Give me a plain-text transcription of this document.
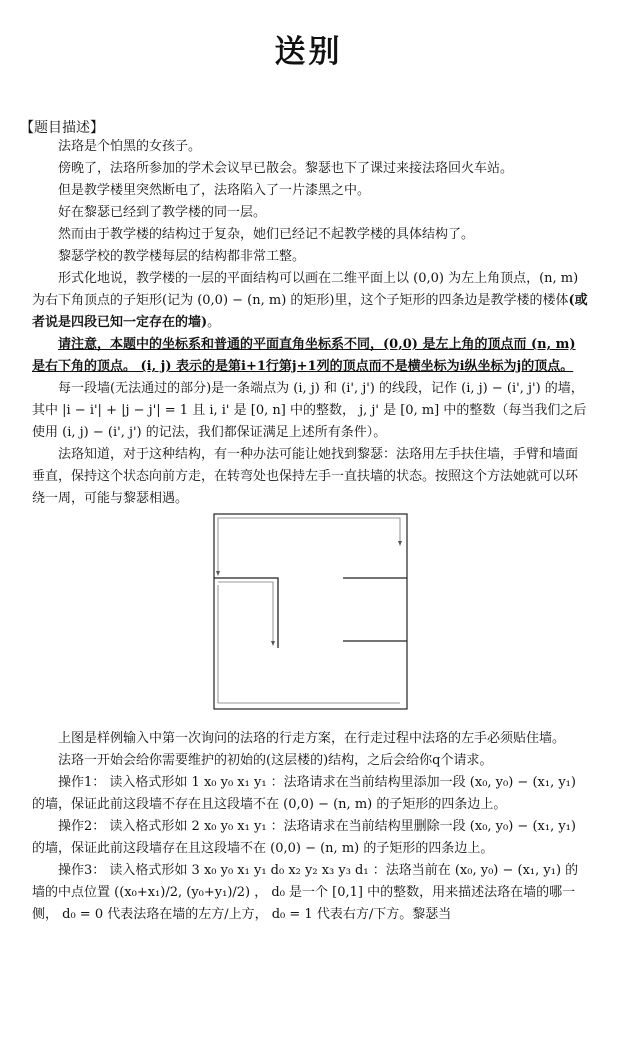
送别
【题目描述】

法珞是个怕黑的女孩子。

傍晚了，法珞所参加的学术会议早已散会。黎瑟也下了课过来接法珞回火车站。

但是教学楼里突然断电了，法珞陷入了一片漆黑之中。

好在黎瑟已经到了教学楼的同一层。

然而由于教学楼的结构过于复杂，她们已经记不起教学楼的具体结构了。

黎瑟学校的教学楼每层的结构都非常工整。

形式化地说，教学楼的一层的平面结构可以画在二维平面上以 (0,0) 为左上角顶点，(n, m) 为右下角顶点的子矩形(记为 (0,0) − (n, m) 的矩形)里，这个子矩形的四条边是教学楼的楼体(或者说是四段已知一定存在的墙)。

请注意，本题中的坐标系和普通的平面直角坐标系不同，(0,0) 是左上角的顶点而 (n, m) 是右下角的顶点。 (i, j) 表示的是第i+1行第j+1列的顶点而不是横坐标为i纵坐标为j的顶点。

每一段墙(无法通过的部分)是一条端点为 (i, j) 和 (i', j') 的线段，记作 (i, j) − (i', j') 的墙，其中 |i − i'| + |j − j'| = 1 且 i, i' 是 [0, n] 中的整数， j, j' 是 [0, m] 中的整数（每当我们之后使用 (i, j) − (i', j') 的记法，我们都保证满足上述所有条件）。

法珞知道，对于这种结构，有一种办法可能让她找到黎瑟：法珞用左手扶住墙，手臂和墙面垂直，保持这个状态向前方走，在转弯处也保持左手一直扶墙的状态。按照这个方法她就可以环绕一周，可能与黎瑟相遇。

上图是样例输入中第一次询问的法珞的行走方案，在行走过程中法珞的左手必须贴住墙。

法珞一开始会给你需要维护的初始的(这层楼的)结构，之后会给你q个请求。

操作1： 读入格式形如 1 x₀ y₀ x₁ y₁ ：法珞请求在当前结构里添加一段 (x₀, y₀) − (x₁, y₁) 的墙，保证此前这段墙不存在且这段墙不在 (0,0) − (n, m) 的子矩形的四条边上。

操作2： 读入格式形如 2 x₀ y₀ x₁ y₁ ：法珞请求在当前结构里删除一段 (x₀, y₀) − (x₁, y₁) 的墙，保证此前这段墙存在且这段墙不在 (0,0) − (n, m) 的子矩形的四条边上。

操作3： 读入格式形如 3 x₀ y₀ x₁ y₁ d₀ x₂ y₂ x₃ y₃ d₁ ：法珞当前在 (x₀, y₀) − (x₁, y₁) 的墙的中点位置 ((x₀+x₁)/2, (y₀+y₁)/2) ， d₀ 是一个 [0,1] 中的整数，用来描述法珞在墙的哪一侧， d₀ = 0 代表法珞在墙的左方/上方， d₀ = 1 代表右方/下方。黎瑟当
